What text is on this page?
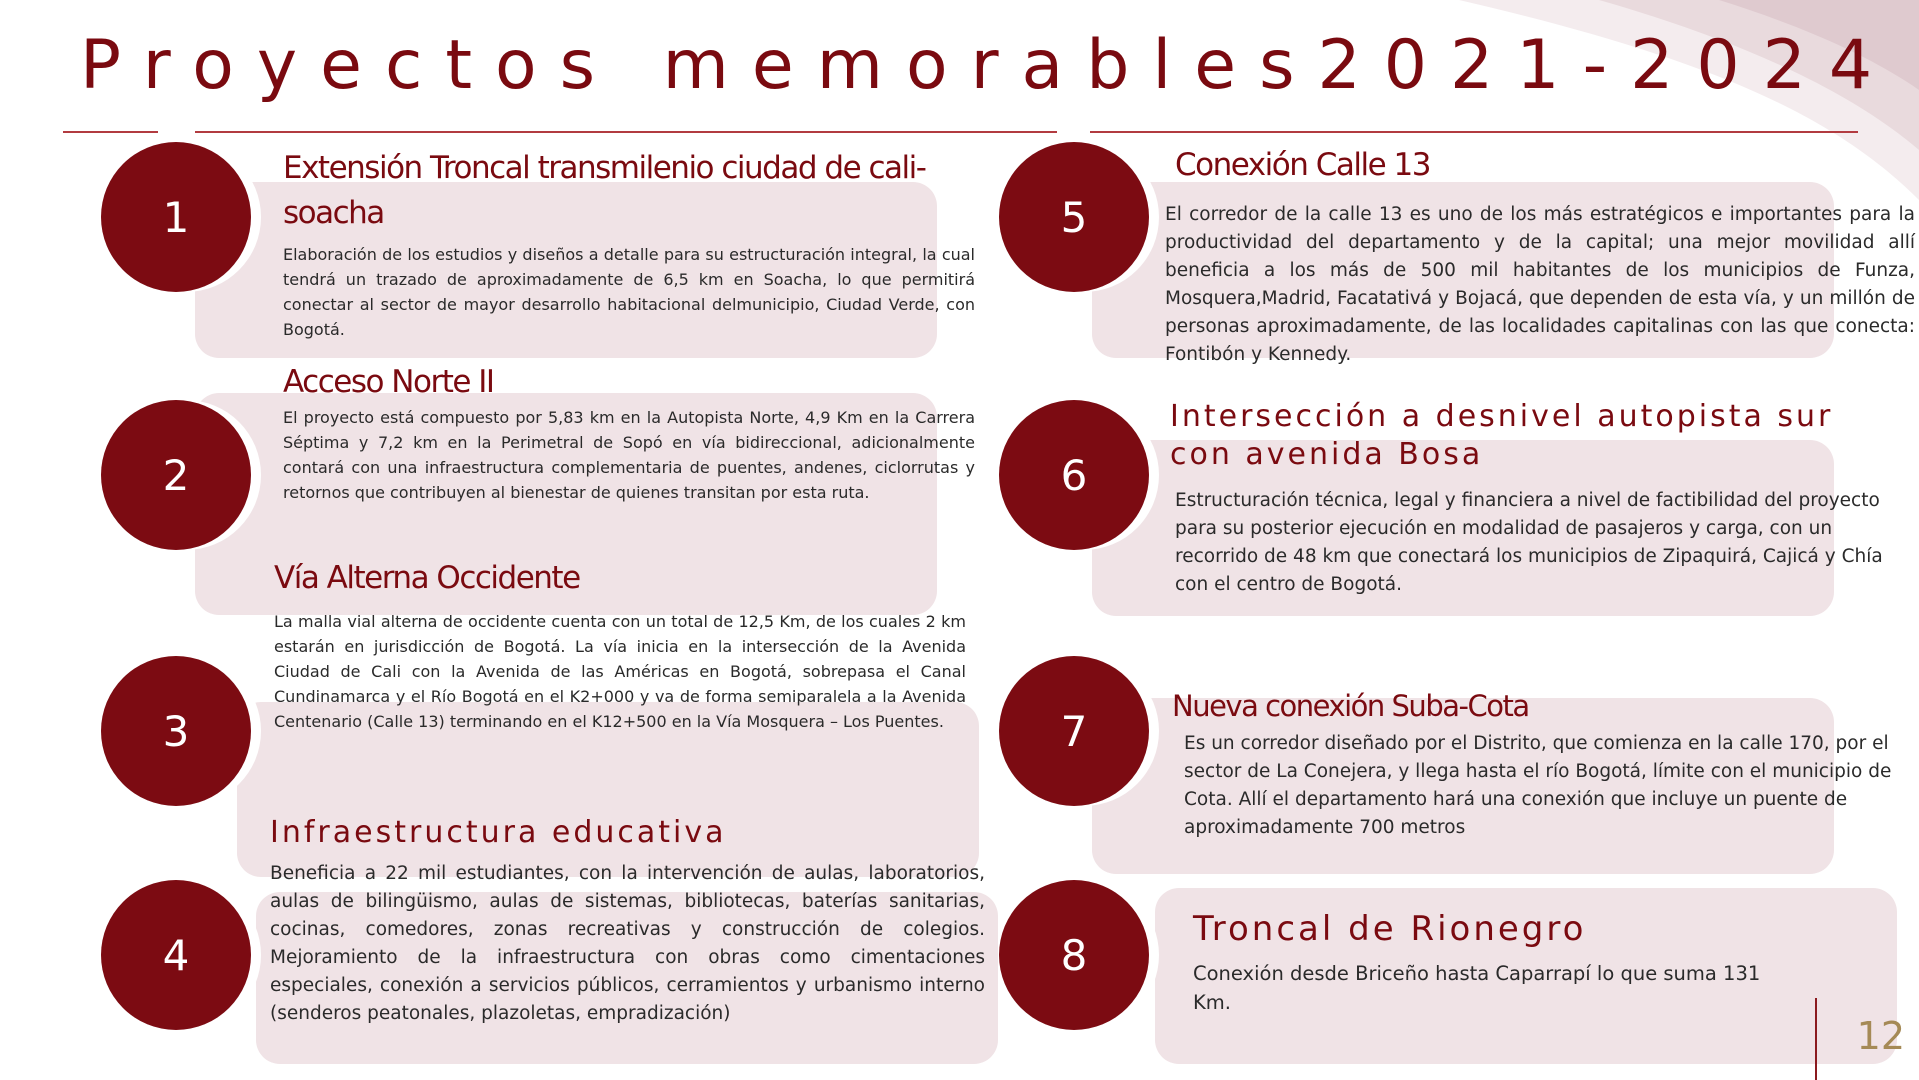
Proyectos memorables2021-2024
1
2
3
4
5
6
7
8
Extensión Troncal transmilenio ciudad de cali- soacha

Elaboración de los estudios y diseños a detalle para su estructuración integral, la cual tendrá un trazado de aproximadamente de 6,5 km en Soacha, lo que permitirá conectar al sector de mayor desarrollo habitacional delmunicipio, Ciudad Verde, con Bogotá.

Acceso Norte II

El proyecto está compuesto por 5,83 km en la Autopista Norte, 4,9 Km en la Carrera Séptima y 7,2 km en la Perimetral de Sopó en vía bidireccional, adicionalmente contará con una infraestructura complementaria de puentes, andenes, ciclorrutas y retornos que contribuyen al bienestar de quienes transitan por esta ruta.

Vía Alterna Occidente

La malla vial alterna de occidente cuenta con un total de 12,5 Km, de los cuales 2 km estarán en jurisdicción de Bogotá. La vía inicia en la intersección de la Avenida Ciudad de Cali con la Avenida de las Américas en Bogotá, sobrepasa el Canal Cundinamarca y el Río Bogotá en el K2+000 y va de forma semiparalela a la Avenida Centenario (Calle 13) terminando en el K12+500 en la Vía Mosquera – Los Puentes.

Infraestructura educativa

Beneficia a 22 mil estudiantes, con la intervención de aulas, laboratorios, aulas de bilingüismo, aulas de sistemas, bibliotecas, baterías sanitarias, cocinas, comedores, zonas recreativas y construcción de colegios. Mejoramiento de la infraestructura con obras como cimentaciones especiales, conexión a servicios públicos, cerramientos y urbanismo interno (senderos peatonales, plazoletas, empradización)

Conexión Calle 13

El corredor de la calle 13 es uno de los más estratégicos e importantes para la productividad del departamento y de la capital; una mejor movilidad allí beneficia a los más de 500 mil habitantes de los municipios de Funza, Mosquera,Madrid, Facatativá y Bojacá, que dependen de esta vía, y un millón de personas aproximadamente, de las localidades capitalinas con las que conecta: Fontibón y Kennedy.

Intersección a desnivel autopista sur con avenida Bosa

Estructuración técnica, legal y financiera a nivel de factibilidad del proyecto para su posterior ejecución en modalidad de pasajeros y carga, con un recorrido de 48 km que conectará los municipios de Zipaquirá, Cajicá y Chía con el centro de Bogotá.

Nueva conexión Suba-Cota

Es un corredor diseñado por el Distrito, que comienza en la calle 170, por el sector de La Conejera, y llega hasta el río Bogotá, límite con el municipio de Cota. Allí el departamento hará una conexión que incluye un puente de aproximadamente 700 metros

Troncal de Rionegro

Conexión desde Briceño hasta Caparrapí lo que suma 131 Km.

12
